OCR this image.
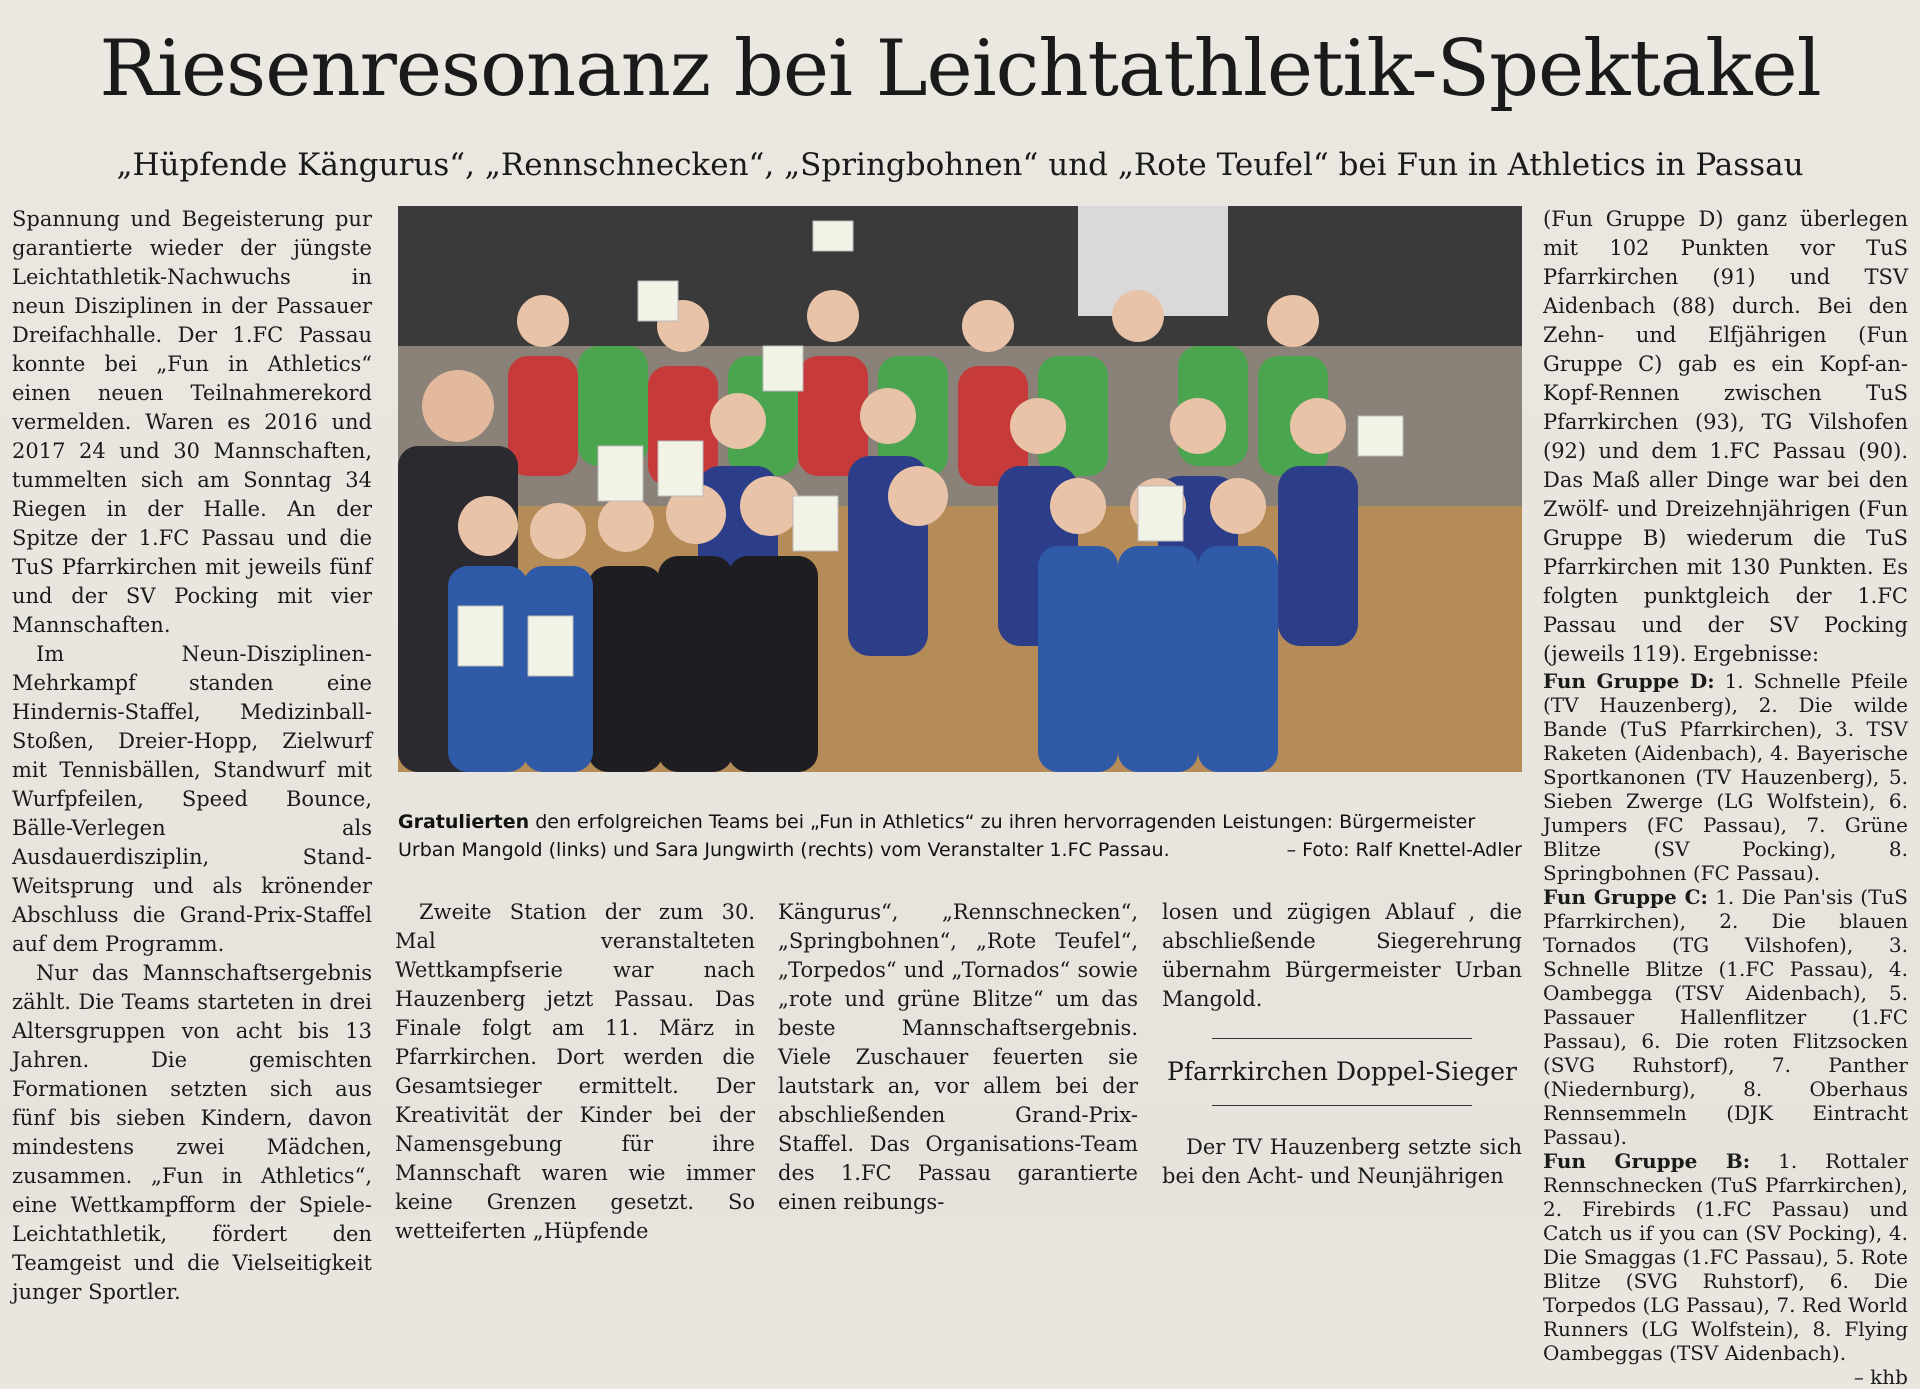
Riesenresonanz bei Leichtathletik-Spektakel
„Hüpfende Kängurus“, „Rennschnecken“, „Springbohnen“ und „Rote Teufel“ bei Fun in Athletics in Passau

Spannung und Begeisterung pur garantierte wieder der jüngste Leichtathletik-Nachwuchs in neun Disziplinen in der Passauer Dreifachhalle. Der 1.FC Passau konnte bei „Fun in Athletics“ einen neuen Teilnahmerekord vermelden. Waren es 2016 und 2017 24 und 30 Mannschaften, tummelten sich am Sonntag 34 Riegen in der Halle. An der Spitze der 1.FC Passau und die TuS Pfarrkirchen mit jeweils fünf und der SV Pocking mit vier Mannschaften.

Im Neun-Disziplinen-Mehrkampf standen eine Hindernis-Staffel, Medizinball-Stoßen, Dreier-Hopp, Zielwurf mit Tennisbällen, Standwurf mit Wurfpfeilen, Speed Bounce, Bälle-Verlegen als Ausdauerdisziplin, Stand-Weitsprung und als krönender Abschluss die Grand-Prix-Staffel auf dem Programm.

Nur das Mannschaftsergebnis zählt. Die Teams starteten in drei Altersgruppen von acht bis 13 Jahren. Die gemischten Formationen setzten sich aus fünf bis sieben Kindern, davon mindestens zwei Mädchen, zusammen. „Fun in Athletics“, eine Wettkampfform der Spiele-Leichtathletik, fördert den Teamgeist und die Vielseitigkeit junger Sportler.

Gratulierten den erfolgreichen Teams bei „Fun in Athletics“ zu ihren hervorragenden Leistungen: Bürgermeister Urban Mangold (links) und Sara Jungwirth (rechts) vom Veranstalter 1.FC Passau.	– Foto: Ralf Knettel-Adler

Zweite Station der zum 30. Mal veranstalteten Wettkampfserie war nach Hauzenberg jetzt Passau. Das Finale folgt am 11. März in Pfarrkirchen. Dort werden die Gesamtsieger ermittelt. Der Kreativität der Kinder bei der Namensgebung für ihre Mannschaft waren wie immer keine Grenzen gesetzt. So wetteiferten „Hüpfende

Kängurus“, „Rennschnecken“, „Springbohnen“, „Rote Teufel“, „Torpedos“ und „Tornados“ sowie „rote und grüne Blitze“ um das beste Mannschaftsergebnis. Viele Zuschauer feuerten sie lautstark an, vor allem bei der abschließenden Grand-Prix-Staffel. Das Organisations-Team des 1.FC Passau garantierte einen reibungs-

losen und zügigen Ablauf , die abschließende Siegerehrung übernahm Bürgermeister Urban Mangold.

Pfarrkirchen Doppel-Sieger

Der TV Hauzenberg setzte sich bei den Acht- und Neunjährigen

(Fun Gruppe D) ganz überlegen mit 102 Punkten vor TuS Pfarrkirchen (91) und TSV Aidenbach (88) durch. Bei den Zehn- und Elfjährigen (Fun Gruppe C) gab es ein Kopf-an-Kopf-Rennen zwischen TuS Pfarrkirchen (93), TG Vilshofen (92) und dem 1.FC Passau (90). Das Maß aller Dinge war bei den Zwölf- und Dreizehnjährigen (Fun Gruppe B) wiederum die TuS Pfarrkirchen mit 130 Punkten. Es folgten punktgleich der 1.FC Passau und der SV Pocking (jeweils 119). Ergebnisse:

Fun Gruppe D: 1. Schnelle Pfeile (TV Hauzenberg), 2. Die wilde Bande (TuS Pfarrkirchen), 3. TSV Raketen (Aidenbach), 4. Bayerische Sportkanonen (TV Hauzenberg), 5. Sieben Zwerge (LG Wolfstein), 6. Jumpers (FC Passau), 7. Grüne Blitze (SV Pocking), 8. Springbohnen (FC Passau).

Fun Gruppe C: 1. Die Pan'sis (TuS Pfarrkirchen), 2. Die blauen Tornados (TG Vilshofen), 3. Schnelle Blitze (1.FC Passau), 4. Oambegga (TSV Aidenbach), 5. Passauer Hallenflitzer (1.FC Passau), 6. Die roten Flitzsocken (SVG Ruhstorf), 7. Panther (Niedernburg), 8. Oberhaus Rennsemmeln (DJK Eintracht Passau).

Fun Gruppe B: 1. Rottaler Rennschnecken (TuS Pfarrkirchen), 2. Firebirds (1.FC Passau) und Catch us if you can (SV Pocking), 4. Die Smaggas (1.FC Passau), 5. Rote Blitze (SVG Ruhstorf), 6. Die Torpedos (LG Passau), 7. Red World Runners (LG Wolfstein), 8. Flying Oambeggas (TSV Aidenbach).

– khb
